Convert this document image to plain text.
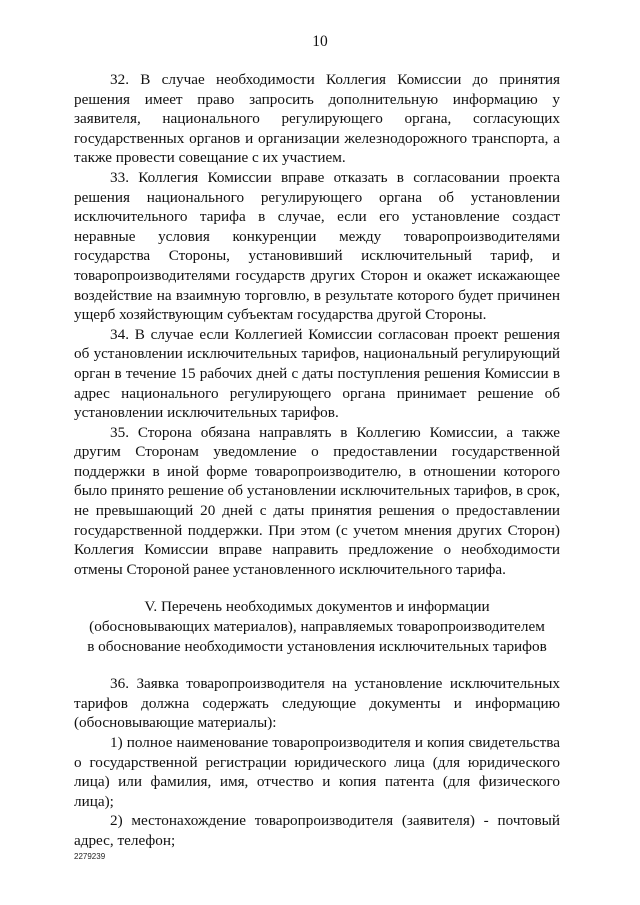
10

32. В случае необходимости Коллегия Комиссии до принятия решения имеет право запросить дополнительную информацию у заявителя, национального регулирующего органа, согласующих государственных органов и организации железнодорожного транспорта, а также провести совещание с их участием.

33. Коллегия Комиссии вправе отказать в согласовании проекта решения национального регулирующего органа об установлении исключительного тарифа в случае, если его установление создаст неравные условия конкуренции между товаропроизводителями государства Стороны, установивший исключительный тариф, и товаропроизводителями государств других Сторон и окажет искажающее воздействие на взаимную торговлю, в результате которого будет причинен ущерб хозяйствующим субъектам государства другой Стороны.

34. В случае если Коллегией Комиссии согласован проект решения об установлении исключительных тарифов, национальный регулирующий орган в течение 15 рабочих дней с даты поступления решения Комиссии в адрес национального регулирующего органа принимает решение об установлении исключительных тарифов.

35. Сторона обязана направлять в Коллегию Комиссии, а также другим Сторонам уведомление о предоставлении государственной поддержки в иной форме товаропроизводителю, в отношении которого было принято решение об установлении исключительных тарифов, в срок, не превышающий 20 дней с даты принятия решения о предоставлении государственной поддержки. При этом (с учетом мнения других Сторон) Коллегия Комиссии вправе направить предложение о необходимости отмены Стороной ранее установленного исключительного тарифа.

V. Перечень необходимых документов и информации
(обосновывающих материалов), направляемых товаропроизводителем
в обоснование необходимости установления исключительных тарифов

36. Заявка товаропроизводителя на установление исключительных тарифов должна содержать следующие документы и информацию (обосновывающие материалы):

1) полное наименование товаропроизводителя и копия свидетельства о государственной регистрации юридического лица (для юридического лица) или фамилия, имя, отчество и копия патента (для физического лица);

2) местонахождение товаропроизводителя (заявителя) - почтовый адрес, телефон;

2279239
